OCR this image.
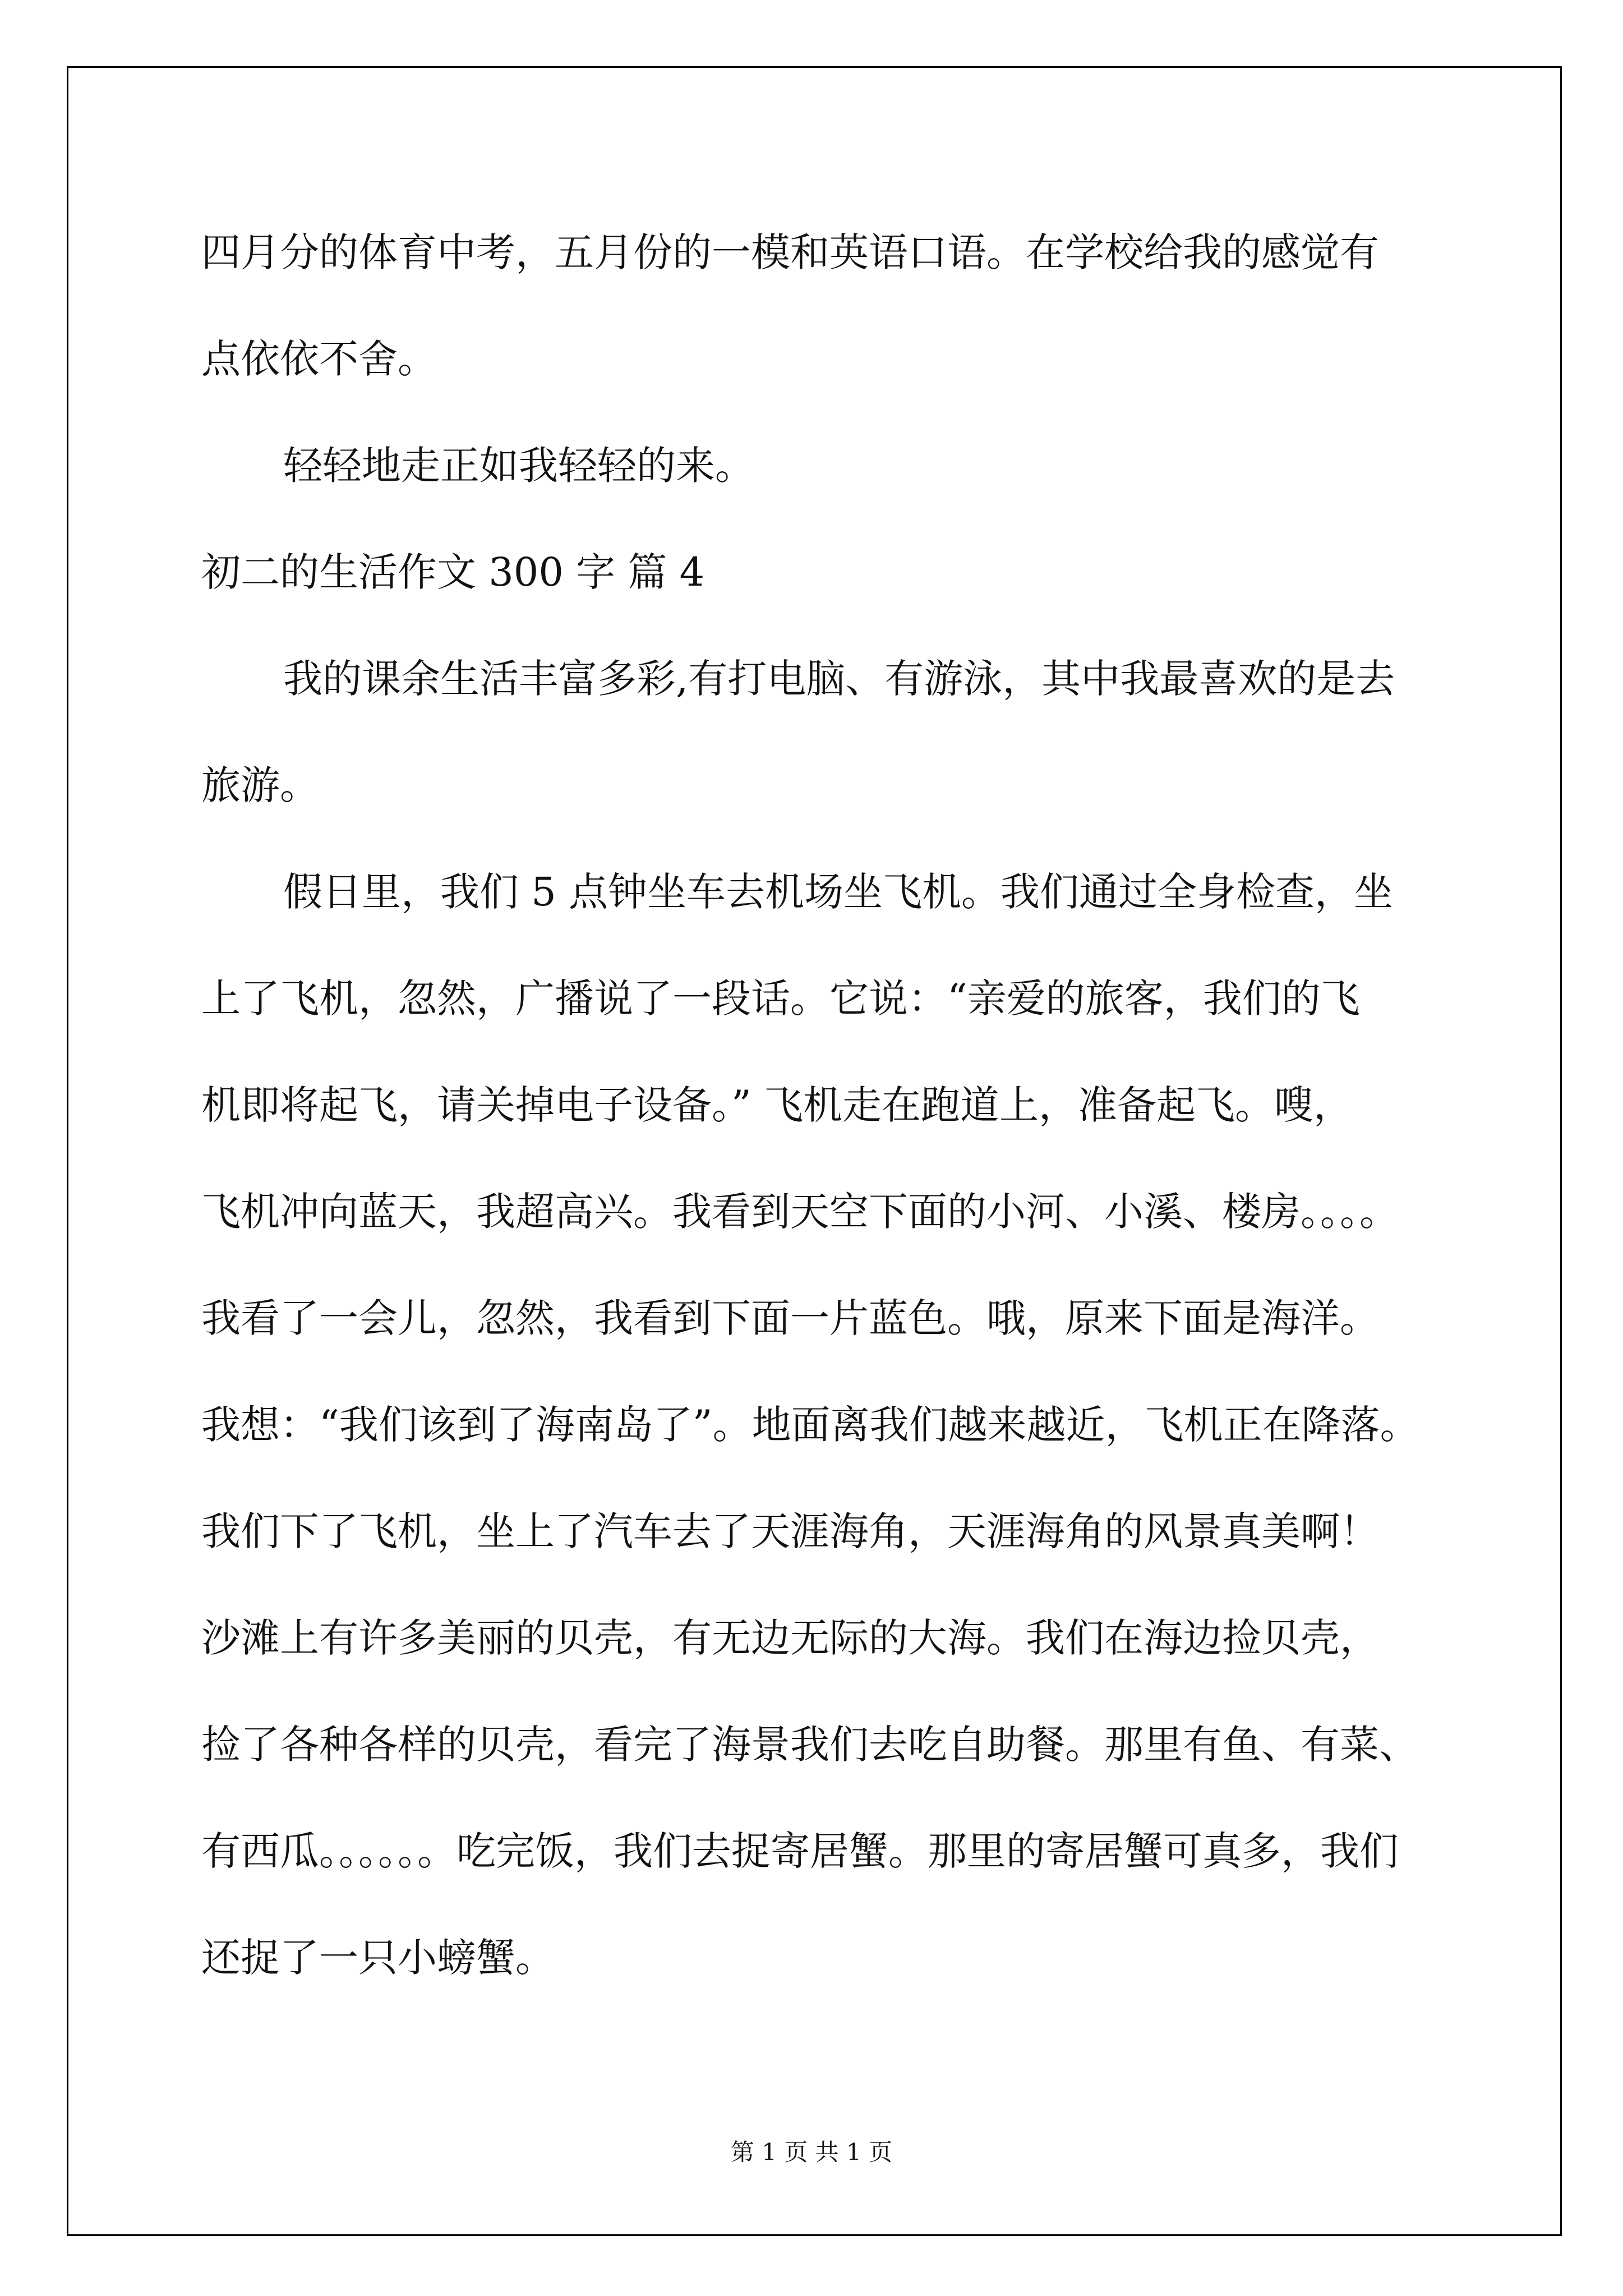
四月分的体育中考，五月份的一模和英语口语。在学校给我的感觉有
点依依不舍。
轻轻地走正如我轻轻的来。
初二的生活作文 300 字 篇 4
我的课余生活丰富多彩,有打电脑、有游泳，其中我最喜欢的是去
旅游。
假日里，我们 5 点钟坐车去机场坐飞机。我们通过全身检查，坐
上了飞机，忽然，广播说了一段话。它说：“亲爱的旅客，我们的飞
机即将起飞，请关掉电子设备。” 飞机走在跑道上，准备起飞。嗖，
飞机冲向蓝天，我超高兴。我看到天空下面的小河、小溪、楼房。。。。
我看了一会儿，忽然，我看到下面一片蓝色。哦，原来下面是海洋。
我想：“我们该到了海南岛了”。地面离我们越来越近，飞机正在降落。
我们下了飞机，坐上了汽车去了天涯海角，天涯海角的风景真美啊！
沙滩上有许多美丽的贝壳，有无边无际的大海。我们在海边捡贝壳，
捡了各种各样的贝壳，看完了海景我们去吃自助餐。那里有鱼、有菜、
有西瓜。。。。。。吃完饭，我们去捉寄居蟹。那里的寄居蟹可真多，我们
还捉了一只小螃蟹。
第 1 页 共 1 页
